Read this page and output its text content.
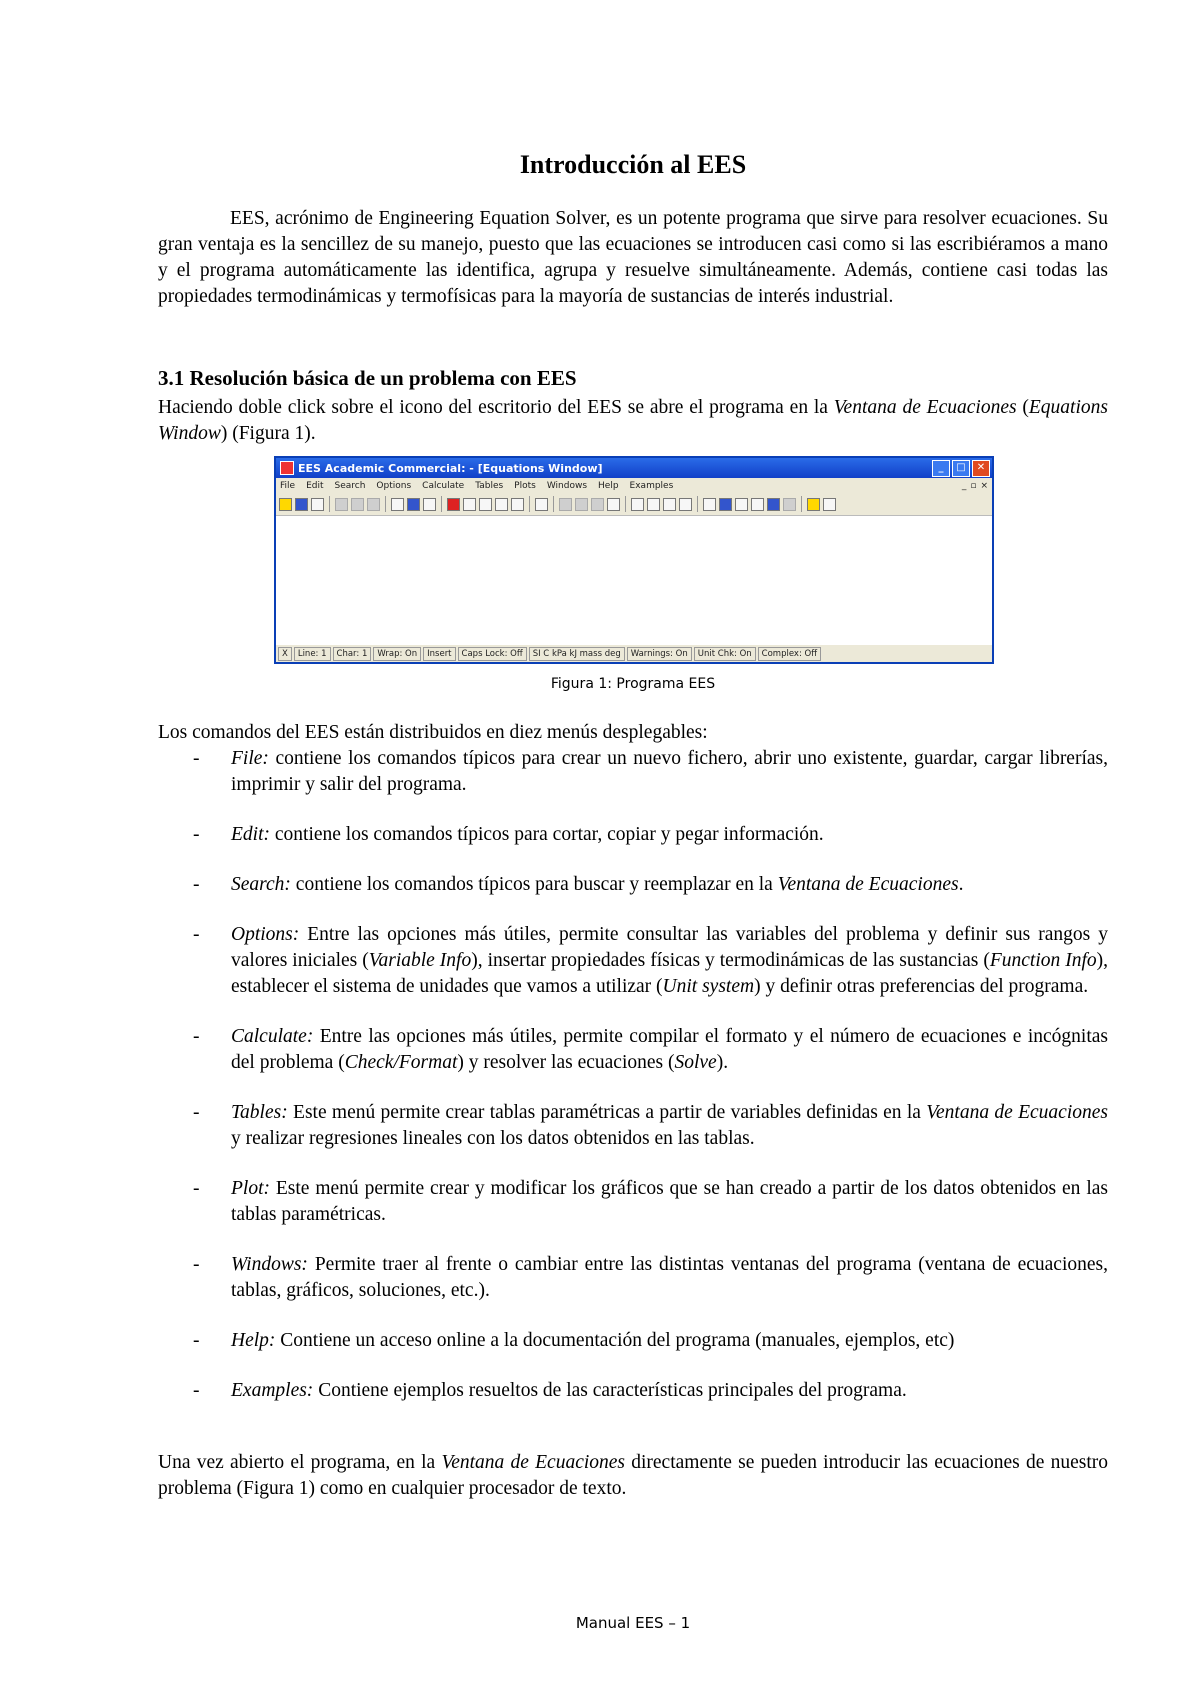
Introducción al EES

EES, acrónimo de Engineering Equation Solver, es un potente programa que sirve para resolver ecuaciones. Su gran ventaja es la sencillez de su manejo, puesto que las ecuaciones se introducen casi como si las escribiéramos a mano y el programa automáticamente las identifica, agrupa y resuelve simultáneamente. Además, contiene casi todas las propiedades termodinámicas y termofísicas para la mayoría de sustancias de interés industrial.

3.1 Resolución básica de un problema con EES

Haciendo doble click sobre el icono del escritorio del EES se abre el programa en la Ventana de Ecuaciones (Equations Window) (Figura 1).

EES Academic Commercial: - [Equations Window]	_	□	✕
File Edit Search Options Calculate Tables Plots Windows Help Examples	_ ▫ ×
X	Line: 1	Char: 1	Wrap: On	Insert	Caps Lock: Off	SI C kPa kJ mass deg	Warnings: On	Unit Chk: On	Complex: Off

Figura 1: Programa EES

Los comandos del EES están distribuidos en diez menús desplegables:

- File: contiene los comandos típicos para crear un nuevo fichero, abrir uno existente, guardar, cargar librerías, imprimir y salir del programa.
- Edit: contiene los comandos típicos para cortar, copiar y pegar información.
- Search: contiene los comandos típicos para buscar y reemplazar en la Ventana de Ecuaciones.
- Options: Entre las opciones más útiles, permite consultar las variables del problema y definir sus rangos y valores iniciales (Variable Info), insertar propiedades físicas y termodinámicas de las sustancias (Function Info), establecer el sistema de unidades que vamos a utilizar (Unit system) y definir otras preferencias del programa.
- Calculate: Entre las opciones más útiles, permite compilar el formato y el número de ecuaciones e incógnitas del problema (Check/Format) y resolver las ecuaciones (Solve).
- Tables: Este menú permite crear tablas paramétricas a partir de variables definidas en la Ventana de Ecuaciones y realizar regresiones lineales con los datos obtenidos en las tablas.
- Plot: Este menú permite crear y modificar los gráficos que se han creado a partir de los datos obtenidos en las tablas paramétricas.
- Windows: Permite traer al frente o cambiar entre las distintas ventanas del programa (ventana de ecuaciones, tablas, gráficos, soluciones, etc.).
- Help: Contiene un acceso online a la documentación del programa (manuales, ejemplos, etc)
- Examples: Contiene ejemplos resueltos de las características principales del programa.

Una vez abierto el programa, en la Ventana de Ecuaciones directamente se pueden introducir las ecuaciones de nuestro problema (Figura 1) como en cualquier procesador de texto.

Manual EES – 1
